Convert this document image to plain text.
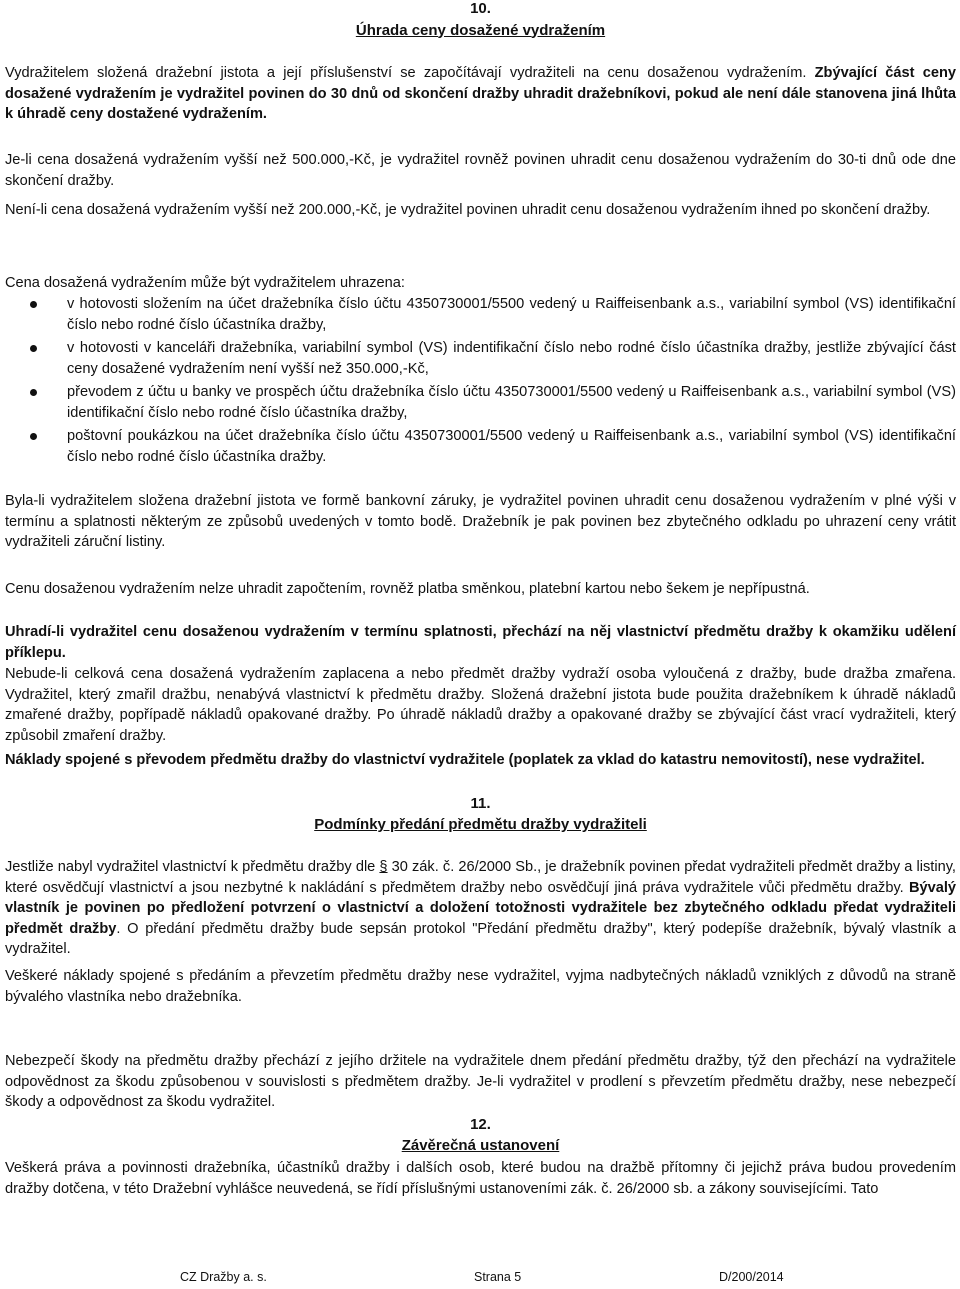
10.

Úhrada ceny dosažené vydražením

Vydražitelem složená dražební jistota a její příslušenství se započítávají vydražiteli na cenu dosaženou vydražením. Zbývající část ceny dosažené vydražením je vydražitel povinen do 30 dnů od skončení dražby uhradit dražebníkovi, pokud ale není dále stanovena jiná lhůta k úhradě ceny dostažené vydražením.

Je-li cena dosažená vydražením vyšší než 500.000,-Kč, je vydražitel rovněž povinen uhradit cenu dosaženou vydražením do 30-ti dnů ode dne skončení dražby.

Není-li cena dosažená vydražením vyšší než 200.000,-Kč, je vydražitel povinen uhradit cenu dosaženou vydražením ihned po skončení dražby.

Cena dosažená vydražením může být vydražitelem uhrazena:

v hotovosti složením na účet dražebníka číslo účtu 4350730001/5500 vedený u Raiffeisenbank a.s., variabilní symbol (VS) identifikační číslo nebo rodné číslo účastníka dražby,
v hotovosti v kanceláři dražebníka, variabilní symbol (VS) indentifikační číslo nebo rodné číslo účastníka dražby, jestliže zbývající část ceny dosažené vydražením není vyšší než 350.000,-Kč,
převodem z účtu u banky ve prospěch účtu dražebníka číslo účtu 4350730001/5500 vedený u Raiffeisenbank a.s., variabilní symbol (VS) identifikační číslo nebo rodné číslo účastníka dražby,
poštovní poukázkou na účet dražebníka číslo účtu 4350730001/5500 vedený u Raiffeisenbank a.s., variabilní symbol (VS) identifikační číslo nebo rodné číslo účastníka dražby.

Byla-li vydražitelem složena dražební jistota ve formě bankovní záruky, je vydražitel povinen uhradit cenu dosaženou vydražením v plné výši v termínu a splatnosti některým ze způsobů uvedených v tomto bodě. Dražebník je pak povinen bez zbytečného odkladu po uhrazení ceny vrátit vydražiteli záruční listiny.

Cenu dosaženou vydražením nelze uhradit započtením, rovněž platba směnkou, platební kartou nebo šekem je nepřípustná.

Uhradí-li vydražitel cenu dosaženou vydražením v termínu splatnosti, přechází na něj vlastnictví předmětu dražby k okamžiku udělení příklepu.

Nebude-li celková cena dosažená vydražením zaplacena a nebo předmět dražby vydraží osoba vyloučená z dražby, bude dražba zmařena. Vydražitel, který zmařil dražbu, nenabývá vlastnictví k předmětu dražby. Složená dražební jistota bude použita dražebníkem k úhradě nákladů zmařené dražby, popřípadě nákladů opakované dražby. Po úhradě nákladů dražby a opakované dražby se zbývající část vrací vydražiteli, který způsobil zmaření dražby.

Náklady spojené s převodem předmětu dražby do vlastnictví vydražitele (poplatek za vklad do katastru nemovitostí), nese vydražitel.

11.

Podmínky předání předmětu dražby vydražiteli

Jestliže nabyl vydražitel vlastnictví k předmětu dražby dle § 30 zák. č. 26/2000 Sb., je dražebník povinen předat vydražiteli předmět dražby a listiny, které osvědčují vlastnictví a jsou nezbytné k nakládání s předmětem dražby nebo osvědčují jiná práva vydražitele vůči předmětu dražby. Bývalý vlastník je povinen po předložení potvrzení o vlastnictví a doložení totožnosti vydražitele bez zbytečného odkladu předat vydražiteli předmět dražby. O předání předmětu dražby bude sepsán protokol "Předání předmětu dražby", který podepíše dražebník, bývalý vlastník a vydražitel.

Veškeré náklady spojené s předáním a převzetím předmětu dražby nese vydražitel, vyjma nadbytečných nákladů vzniklých z důvodů na straně bývalého vlastníka nebo dražebníka.

Nebezpečí škody na předmětu dražby přechází z jejího držitele na vydražitele dnem předání předmětu dražby, týž den přechází na vydražitele odpovědnost za škodu způsobenou v souvislosti s předmětem dražby. Je-li vydražitel v prodlení s převzetím předmětu dražby, nese nebezpečí škody a odpovědnost za škodu vydražitel.

12.

Závěrečná ustanovení

Veškerá práva a povinnosti dražebníka, účastníků dražby i dalších osob, které budou na dražbě přítomny či jejichž práva budou provedením dražby dotčena, v této Dražební vyhlášce neuvedená, se řídí příslušnými ustanoveními zák. č. 26/2000 sb. a zákony souvisejícími. Tato

CZ Dražby a. s.	Strana 5	D/200/2014
